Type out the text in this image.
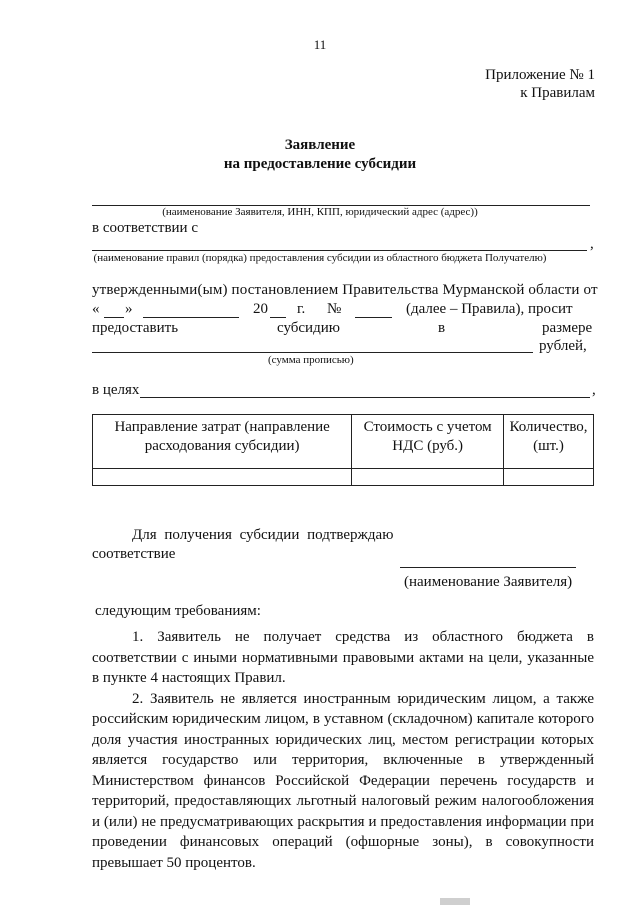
11
Приложение № 1
к Правилам
Заявление
на предоставление субсидии
(наименование Заявителя, ИНН, КПП, юридический адрес (адрес))
в соответствии с
,
(наименование правил (порядка) предоставления субсидии из областного бюджета Получателю)
утвержденными(ым) постановлением Правительства Мурманской области от
« »	20 г. №	(далее – Правила), просит
предоставить	субсидию	в	размере
рублей,
(сумма прописью)
в целях	,
Направление затрат (направление расходования субсидии)	Стоимость с учетом НДС (руб.)	Количество, (шт.)

Для получения субсидии подтверждаю
соответствие
(наименование Заявителя)
следующим требованиям:

1. Заявитель не получает средства из областного бюджета в соответствии с иными нормативными правовыми актами на цели, указанные в пункте 4 настоящих Правил.

2. Заявитель не является иностранным юридическим лицом, а также российским юридическим лицом, в уставном (складочном) капитале которого доля участия иностранных юридических лиц, местом регистрации которых является государство или территория, включенные в утвержденный Министерством финансов Российской Федерации перечень государств и территорий, предоставляющих льготный налоговый режим налогообложения и (или) не предусматривающих раскрытия и предоставления информации при проведении финансовых операций (офшорные зоны), в совокупности превышает 50 процентов.
